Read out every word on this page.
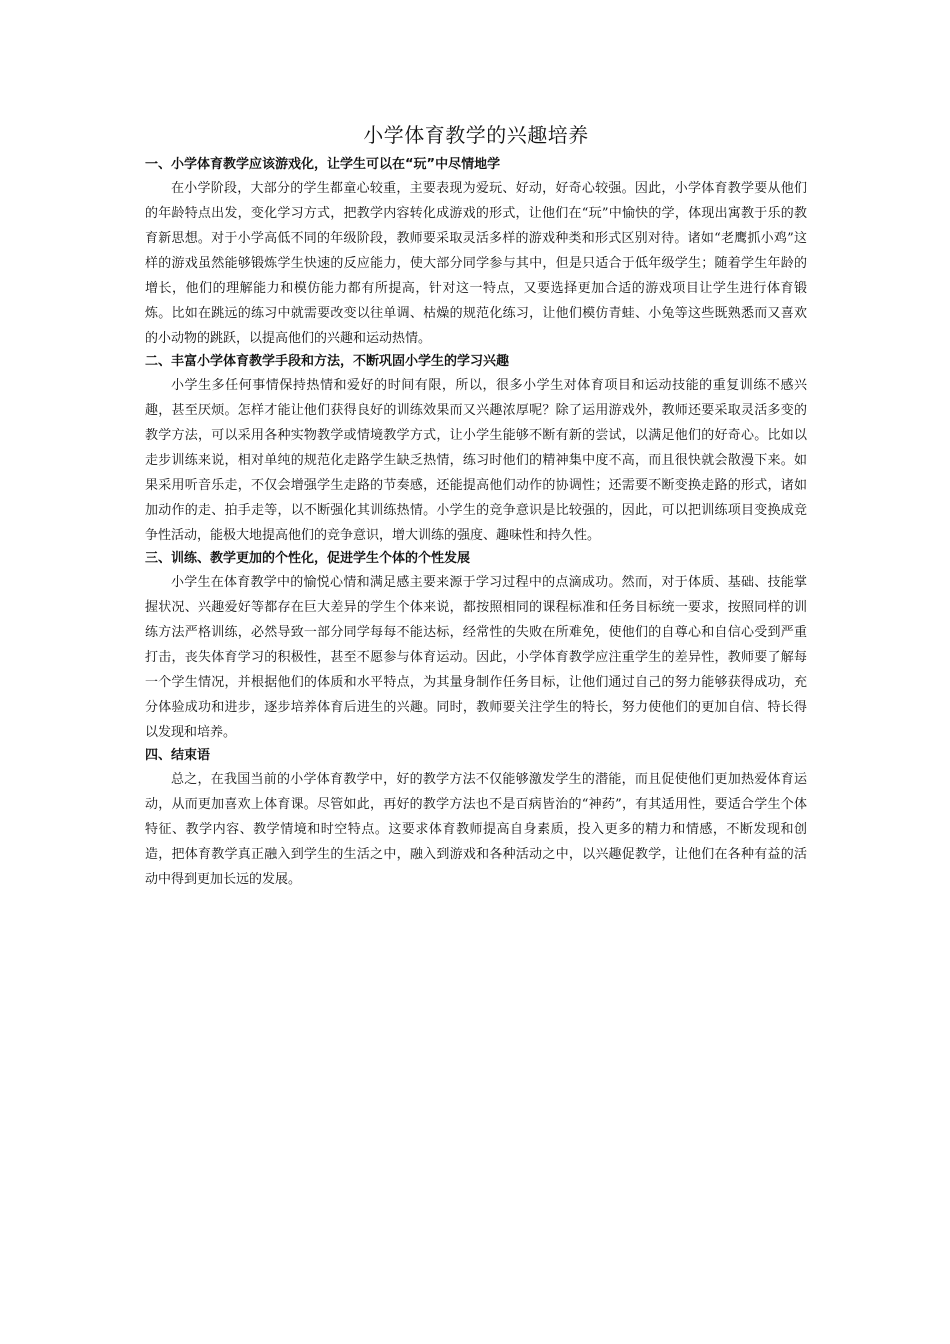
小学体育教学的兴趣培养

一、小学体育教学应该游戏化，让学生可以在“玩”中尽情地学

在小学阶段，大部分的学生都童心较重，主要表现为爱玩、好动，好奇心较强。因此，小学体育教学要从他们的年龄特点出发，变化学习方式，把教学内容转化成游戏的形式，让他们在“玩”中愉快的学，体现出寓教于乐的教育新思想。对于小学高低不同的年级阶段，教师要采取灵活多样的游戏种类和形式区别对待。诸如“老鹰抓小鸡”这样的游戏虽然能够锻炼学生快速的反应能力，使大部分同学参与其中，但是只适合于低年级学生；随着学生年龄的增长，他们的理解能力和模仿能力都有所提高，针对这一特点，又要选择更加合适的游戏项目让学生进行体育锻炼。比如在跳远的练习中就需要改变以往单调、枯燥的规范化练习，让他们模仿青蛙、小兔等这些既熟悉而又喜欢的小动物的跳跃，以提高他们的兴趣和运动热情。

二、丰富小学体育教学手段和方法，不断巩固小学生的学习兴趣

小学生多任何事情保持热情和爱好的时间有限，所以，很多小学生对体育项目和运动技能的重复训练不感兴趣，甚至厌烦。怎样才能让他们获得良好的训练效果而又兴趣浓厚呢？除了运用游戏外，教师还要采取灵活多变的教学方法，可以采用各种实物教学或情境教学方式，让小学生能够不断有新的尝试，以满足他们的好奇心。比如以走步训练来说，相对单纯的规范化走路学生缺乏热情，练习时他们的精神集中度不高，而且很快就会散漫下来。如果采用听音乐走，不仅会增强学生走路的节奏感，还能提高他们动作的协调性；还需要不断变换走路的形式，诸如加动作的走、拍手走等，以不断强化其训练热情。小学生的竞争意识是比较强的，因此，可以把训练项目变换成竞争性活动，能极大地提高他们的竞争意识，增大训练的强度、趣味性和持久性。

三、训练、教学更加的个性化，促进学生个体的个性发展

小学生在体育教学中的愉悦心情和满足感主要来源于学习过程中的点滴成功。然而，对于体质、基础、技能掌握状况、兴趣爱好等都存在巨大差异的学生个体来说，都按照相同的课程标准和任务目标统一要求，按照同样的训练方法严格训练，必然导致一部分同学每每不能达标，经常性的失败在所难免，使他们的自尊心和自信心受到严重打击，丧失体育学习的积极性，甚至不愿参与体育运动。因此，小学体育教学应注重学生的差异性，教师要了解每一个学生情况，并根据他们的体质和水平特点，为其量身制作任务目标，让他们通过自己的努力能够获得成功，充分体验成功和进步，逐步培养体育后进生的兴趣。同时，教师要关注学生的特长，努力使他们的更加自信、特长得以发现和培养。

四、结束语

总之，在我国当前的小学体育教学中，好的教学方法不仅能够激发学生的潜能，而且促使他们更加热爱体育运动，从而更加喜欢上体育课。尽管如此，再好的教学方法也不是百病皆治的“神药”，有其适用性，要适合学生个体特征、教学内容、教学情境和时空特点。这要求体育教师提高自身素质，投入更多的精力和情感，不断发现和创造，把体育教学真正融入到学生的生活之中，融入到游戏和各种活动之中，以兴趣促教学，让他们在各种有益的活动中得到更加长远的发展。
